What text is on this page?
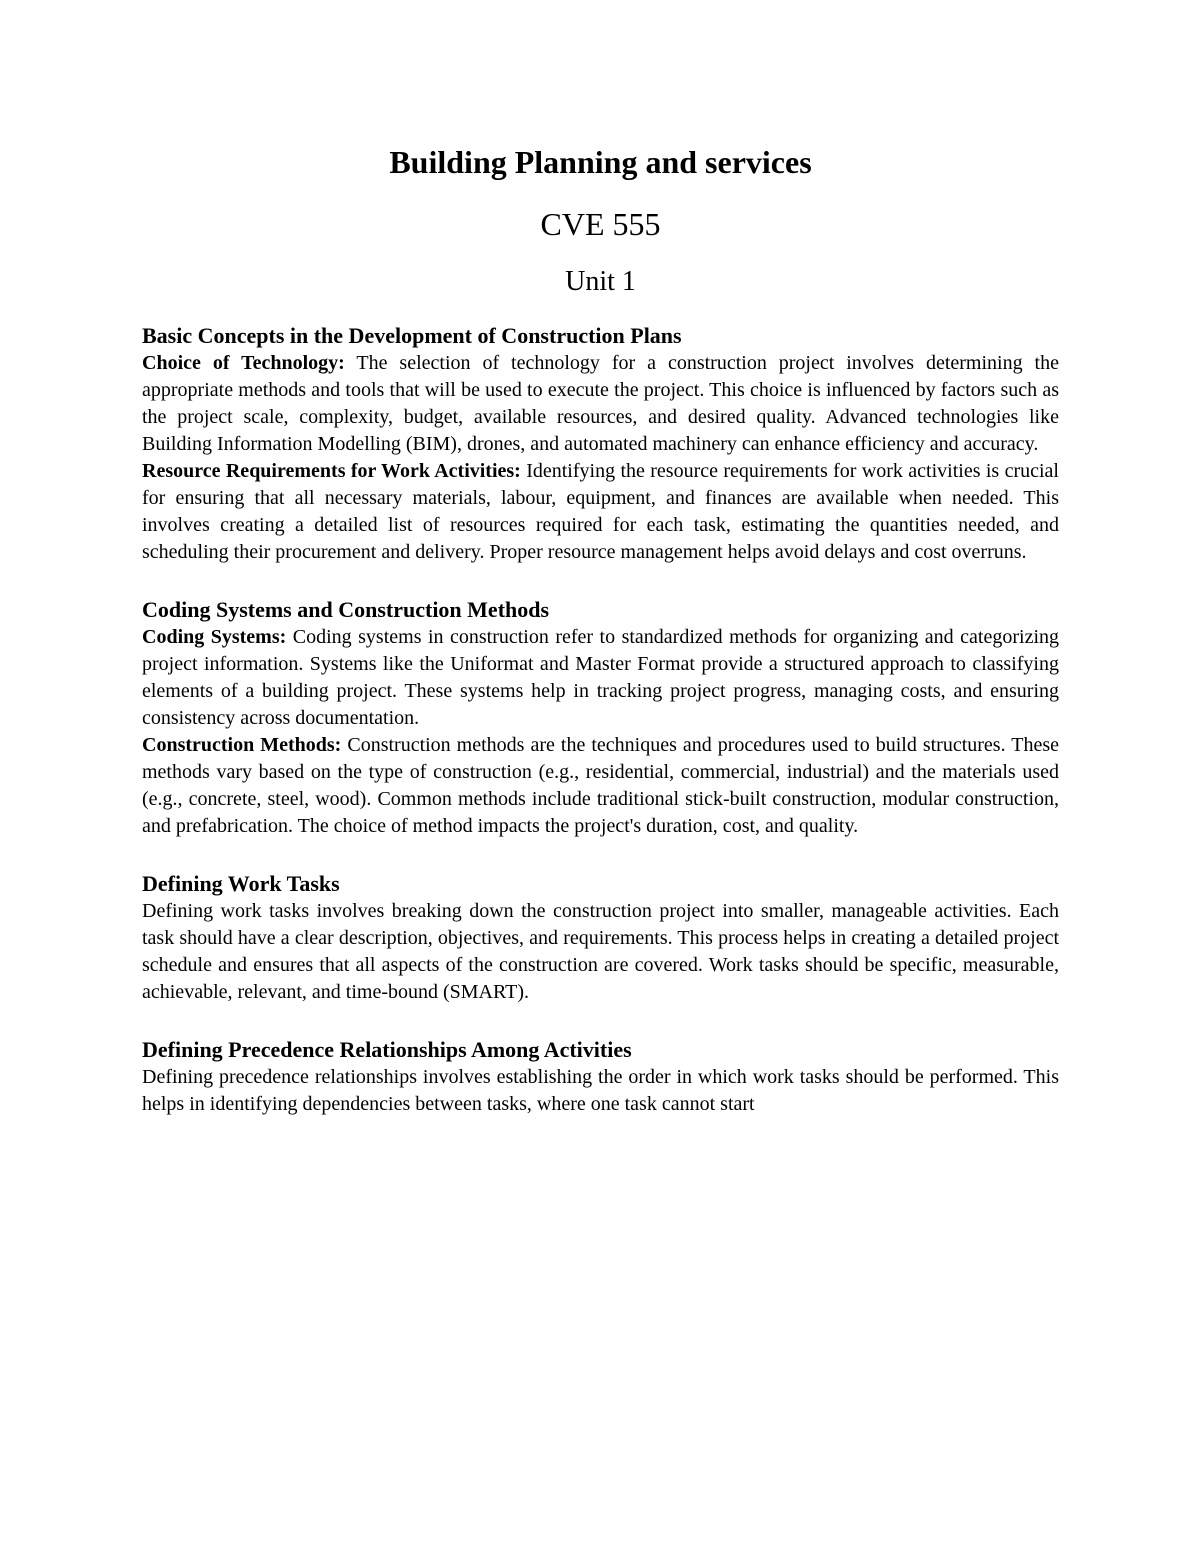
Building Planning and services
CVE 555
Unit 1
Basic Concepts in the Development of Construction Plans

Choice of Technology: The selection of technology for a construction project involves determining the appropriate methods and tools that will be used to execute the project. This choice is influenced by factors such as the project scale, complexity, budget, available resources, and desired quality. Advanced technologies like Building Information Modelling (BIM), drones, and automated machinery can enhance efficiency and accuracy.

Resource Requirements for Work Activities: Identifying the resource requirements for work activities is crucial for ensuring that all necessary materials, labour, equipment, and finances are available when needed. This involves creating a detailed list of resources required for each task, estimating the quantities needed, and scheduling their procurement and delivery. Proper resource management helps avoid delays and cost overruns.

Coding Systems and Construction Methods

Coding Systems: Coding systems in construction refer to standardized methods for organizing and categorizing project information. Systems like the Uniformat and Master Format provide a structured approach to classifying elements of a building project. These systems help in tracking project progress, managing costs, and ensuring consistency across documentation.

Construction Methods: Construction methods are the techniques and procedures used to build structures. These methods vary based on the type of construction (e.g., residential, commercial, industrial) and the materials used (e.g., concrete, steel, wood). Common methods include traditional stick-built construction, modular construction, and prefabrication. The choice of method impacts the project's duration, cost, and quality.

Defining Work Tasks

Defining work tasks involves breaking down the construction project into smaller, manageable activities. Each task should have a clear description, objectives, and requirements. This process helps in creating a detailed project schedule and ensures that all aspects of the construction are covered. Work tasks should be specific, measurable, achievable, relevant, and time-bound (SMART).

Defining Precedence Relationships Among Activities

Defining precedence relationships involves establishing the order in which work tasks should be performed. This helps in identifying dependencies between tasks, where one task cannot start
